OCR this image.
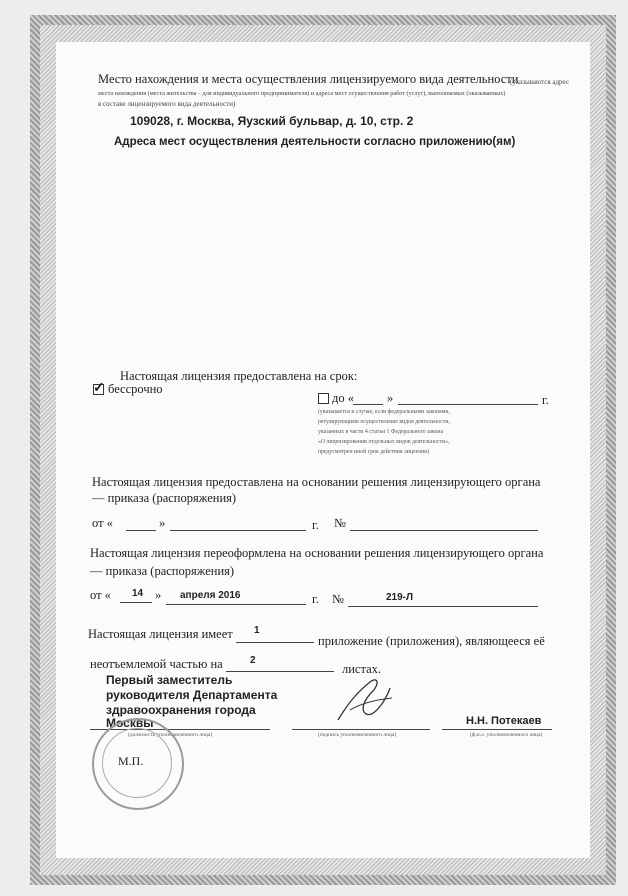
Место нахождения и места осуществления лицензируемого вида деятельности
(указываются адрес
места нахождения (места жительства – для индивидуального предпринимателя) и адреса мест осуществления работ (услуг), выполняемых (оказываемых)
в составе лицензируемого вида деятельности)
109028, г. Москва, Яузский бульвар, д. 10, стр. 2
Адреса мест осуществления деятельности согласно приложению(ям)
Настоящая лицензия предоставлена на срок:
✓ бессрочно
до «	»	г.
(указывается в случае, если федеральными законами,
регулирующими осуществление видов деятельности,
указанных в части 4 статьи 1 Федерального закона
«О лицензировании отдельных видов деятельности»,
предусмотрен иной срок действия лицензии)
Настоящая лицензия предоставлена на основании решения лицензирующего органа
— приказа (распоряжения)
от «	»	г. №
Настоящая лицензия переоформлена на основании решения лицензирующего органа
— приказа (распоряжения)
от « 14 » апреля 2016	г. №	219-Л
Настоящая лицензия имеет 1
приложение (приложения), являющееся её
неотъемлемой частью на	2
листах.
Первый заместитель
руководителя Департамента
здравоохранения города
Москвы
(должность уполномоченного лица)	(подпись уполномоченного лица)
Н.Н. Потекаев
(ф.и.о. уполномоченного лица)
М.П.
